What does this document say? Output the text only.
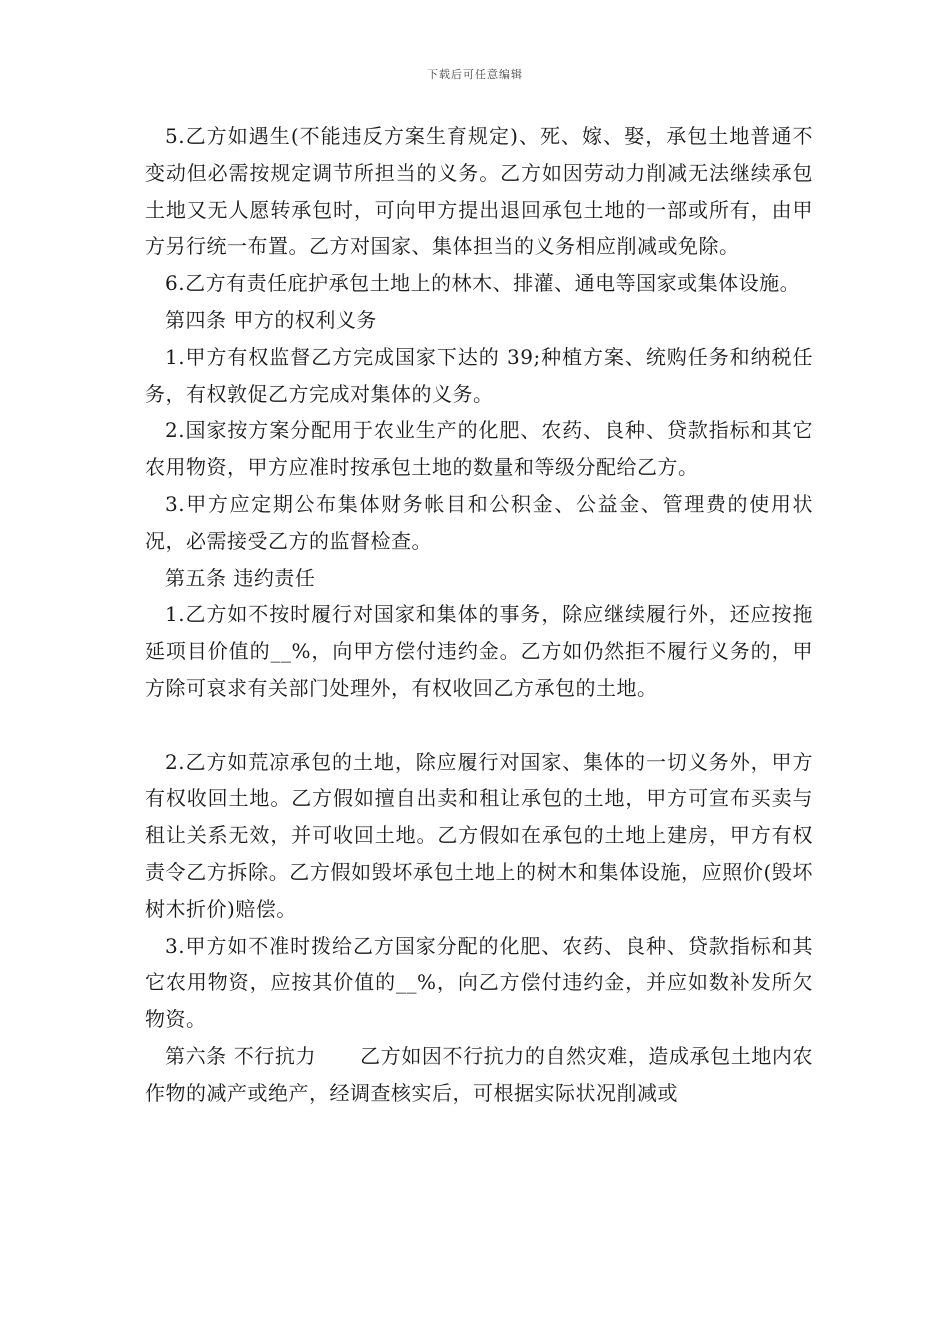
下载后可任意编辑

5.乙方如遇生(不能违反方案生育规定)、死、嫁、娶，承包土地普通不变动但必需按规定调节所担当的义务。乙方如因劳动力削减无法继续承包土地又无人愿转承包时，可向甲方提出退回承包土地的一部或所有，由甲方另行统一布置。乙方对国家、集体担当的义务相应削减或免除。

6.乙方有责任庇护承包土地上的林木、排灌、通电等国家或集体设施。

第四条 甲方的权利义务

1.甲方有权监督乙方完成国家下达的 39;种植方案、统购任务和纳税任务，有权敦促乙方完成对集体的义务。

2.国家按方案分配用于农业生产的化肥、农药、良种、贷款指标和其它农用物资，甲方应准时按承包土地的数量和等级分配给乙方。

3.甲方应定期公布集体财务帐目和公积金、公益金、管理费的使用状况，必需接受乙方的监督检查。

第五条 违约责任

1.乙方如不按时履行对国家和集体的事务，除应继续履行外，还应按拖延项目价值的__%，向甲方偿付违约金。乙方如仍然拒不履行义务的，甲方除可哀求有关部门处理外，有权收回乙方承包的土地。

2.乙方如荒凉承包的土地，除应履行对国家、集体的一切义务外，甲方有权收回土地。乙方假如擅自出卖和租让承包的土地，甲方可宣布买卖与租让关系无效，并可收回土地。乙方假如在承包的土地上建房，甲方有权责令乙方拆除。乙方假如毁坏承包土地上的树木和集体设施，应照价(毁坏树木折价)赔偿。

3.甲方如不准时拨给乙方国家分配的化肥、农药、良种、贷款指标和其它农用物资，应按其价值的__%，向乙方偿付违约金，并应如数补发所欠物资。

第六条 不行抗力 乙方如因不行抗力的自然灾难，造成承包土地内农作物的减产或绝产，经调查核实后，可根据实际状况削减或
